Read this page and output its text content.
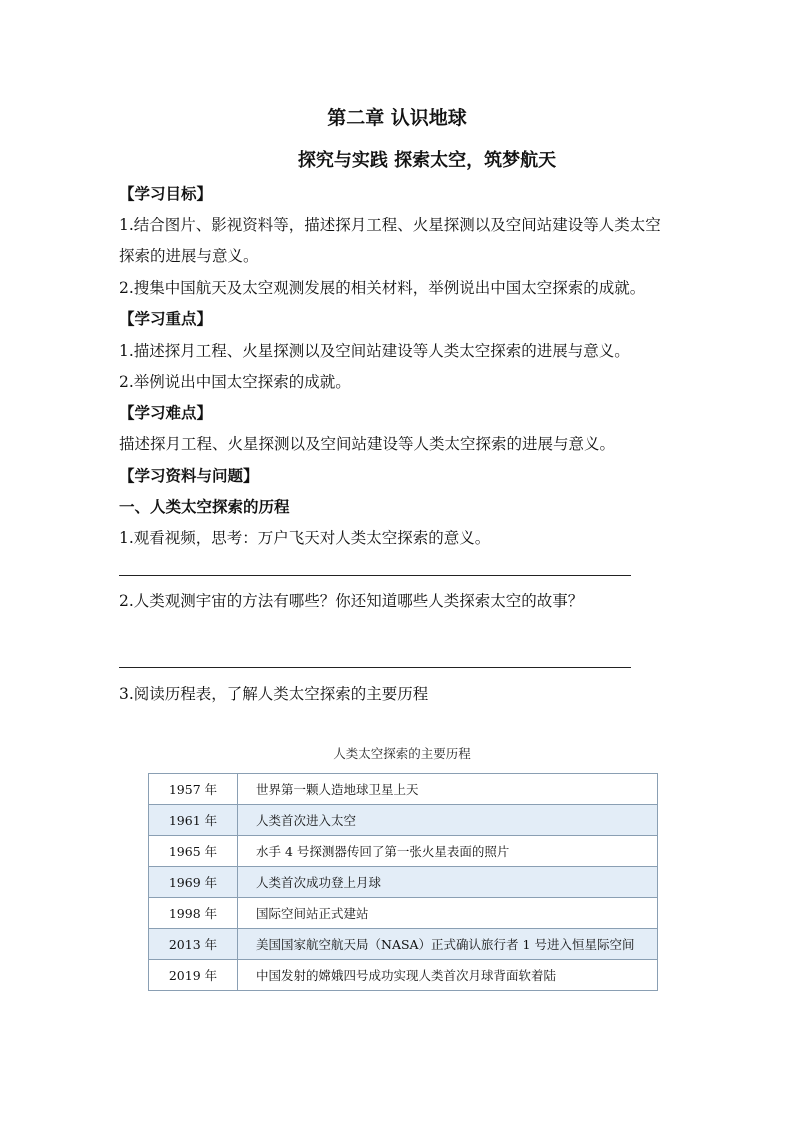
第二章 认识地球
探究与实践 探索太空，筑梦航天
【学习目标】
1.结合图片、影视资料等，描述探月工程、火星探测以及空间站建设等人类太空
探索的进展与意义。
2.搜集中国航天及太空观测发展的相关材料，举例说出中国太空探索的成就。
【学习重点】
1.描述探月工程、火星探测以及空间站建设等人类太空探索的进展与意义。
2.举例说出中国太空探索的成就。
【学习难点】
描述探月工程、火星探测以及空间站建设等人类太空探索的进展与意义。
【学习资料与问题】
一、人类太空探索的历程
1.观看视频，思考：万户飞天对人类太空探索的意义。
2.人类观测宇宙的方法有哪些？你还知道哪些人类探索太空的故事？
3.阅读历程表，了解人类太空探索的主要历程
人类太空探索的主要历程
1957 年	世界第一颗人造地球卫星上天
1961 年	人类首次进入太空
1965 年	水手 4 号探测器传回了第一张火星表面的照片
1969 年	人类首次成功登上月球
1998 年	国际空间站正式建站
2013 年	美国国家航空航天局（NASA）正式确认旅行者 1 号进入恒星际空间
2019 年	中国发射的嫦娥四号成功实现人类首次月球背面软着陆
